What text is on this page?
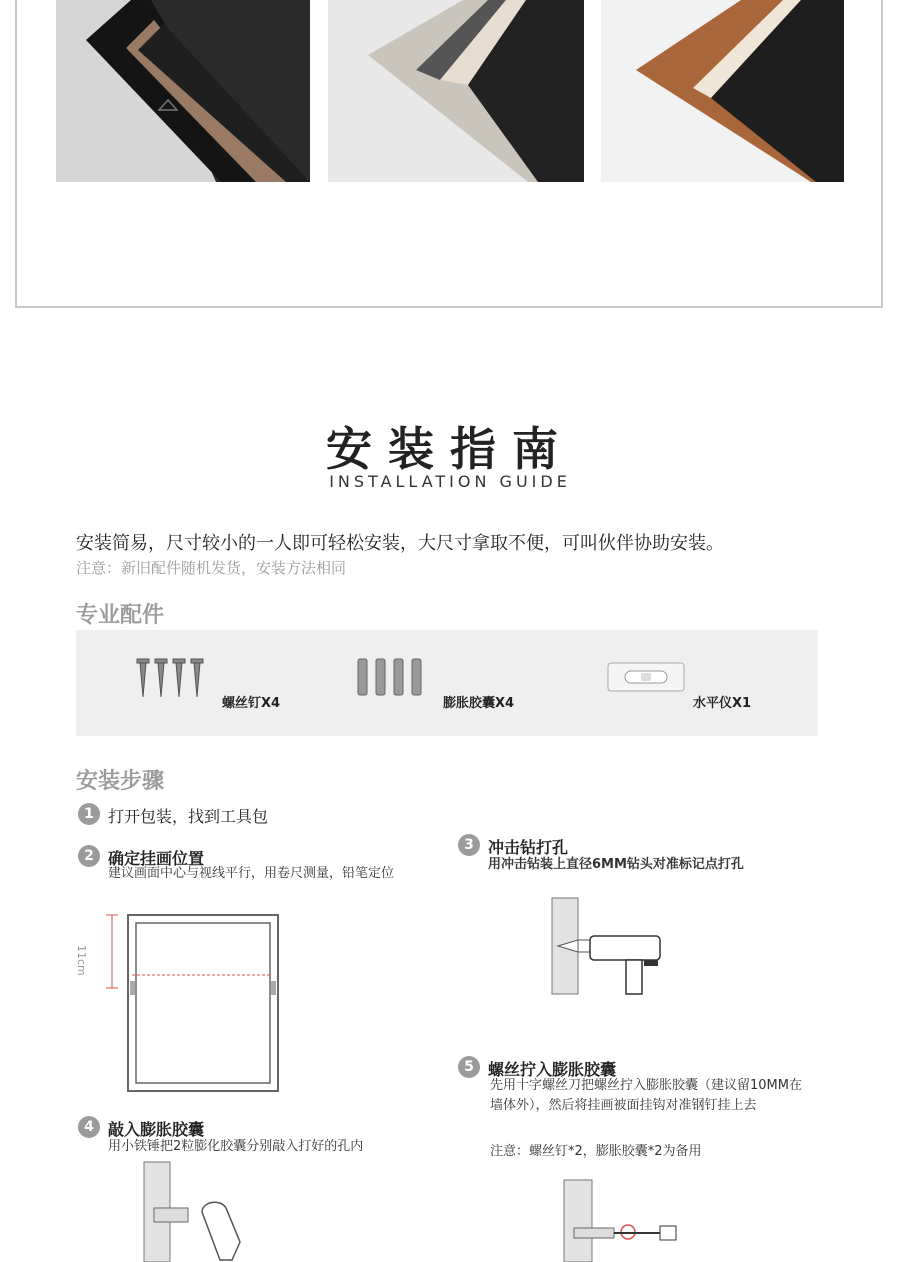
安装指南
INSTALLATION GUIDE
安装简易，尺寸较小的一人即可轻松安装，大尺寸拿取不便，可叫伙伴协助安装。
注意：新旧配件随机发货，安装方法相同
专业配件
螺丝钉X4	膨胀胶囊X4	水平仪X1
安装步骤
1 打开包装，找到工具包
2 确定挂画位置
建议画面中心与视线平行，用卷尺测量，铅笔定位
11cm
4 敲入膨胀胶囊
用小铁锤把2粒膨化胶囊分别敲入打好的孔内
3 冲击钻打孔
用冲击钻装上直径6MM钻头对准标记点打孔
5 螺丝拧入膨胀胶囊
先用十字螺丝刀把螺丝拧入膨胀胶囊（建议留10MM在墙体外），然后将挂画被面挂钩对准钢钉挂上去
注意：螺丝钉*2，膨胀胶囊*2为备用
